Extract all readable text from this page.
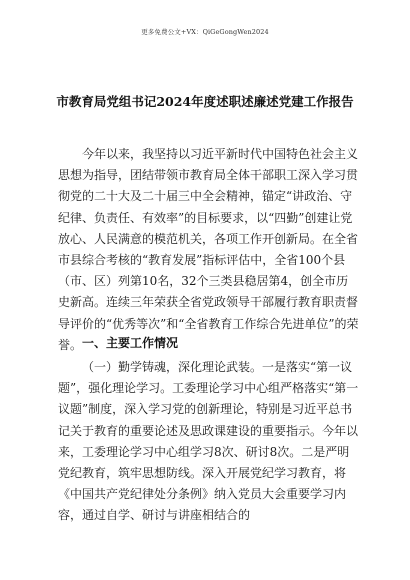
更多免费公文+VX：QiGeGongWen2024
市教育局党组书记2024年度述职述廉述党建工作报告

今年以来，我坚持以习近平新时代中国特色社会主义思想为指导，团结带领市教育局全体干部职工深入学习贯彻党的二十大及二十届三中全会精神，锚定“讲政治、守纪律、负责任、有效率”的目标要求，以“四勤”创建让党放心、人民满意的模范机关，各项工作开创新局。在全省市县综合考核的“教育发展”指标评估中，全省100个县（市、区）列第10名，32个三类县稳居第4，创全市历史新高。连续三年荣获全省党政领导干部履行教育职责督导评价的“优秀等次”和“全省教育工作综合先进单位”的荣誉。 一、主要工作情况

（一）勤学铸魂，深化理论武装。一是落实“第一议题”，强化理论学习。工委理论学习中心组严格落实“第一议题”制度，深入学习党的创新理论，特别是习近平总书记关于教育的重要论述及思政课建设的重要指示。今年以来，工委理论学习中心组学习8次、研讨8次。二是严明党纪教育，筑牢思想防线。深入开展党纪学习教育，将《中国共产党纪律处分条例》纳入党员大会重要学习内容，通过自学、研讨与讲座相结合的
